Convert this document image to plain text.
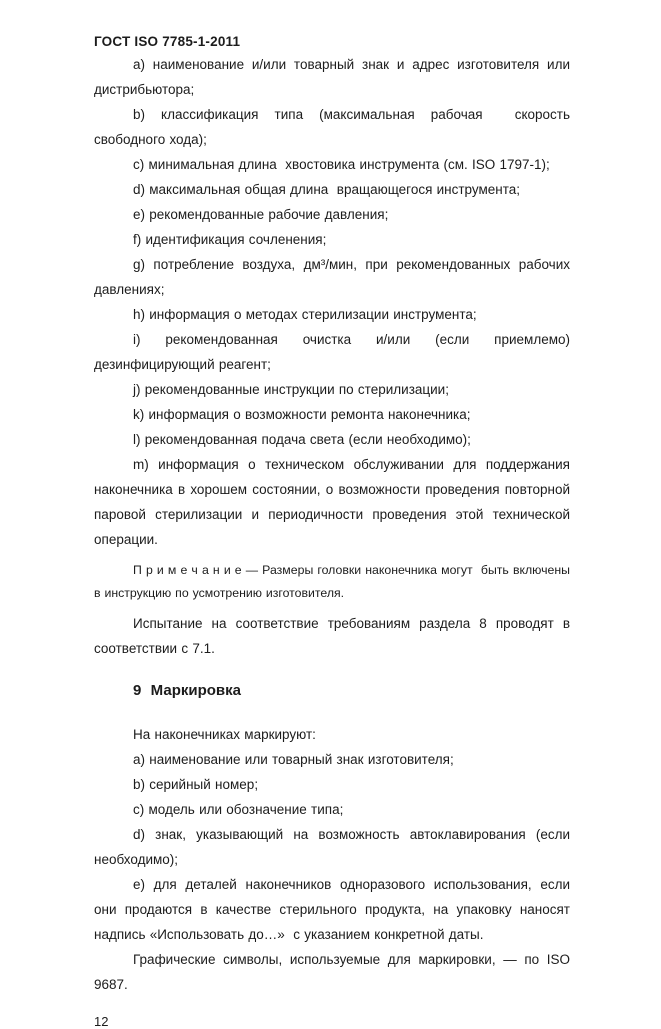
ГОСТ ISO 7785-1-2011

a) наименование и/или товарный знак и адрес изготовителя или дистрибьютора;

b) классификация типа (максимальная рабочая  скорость свободного хода);

c) минимальная длина  хвостовика инструмента (см. ISO 1797-1);

d) максимальная общая длина  вращающегося инструмента;

e) рекомендованные рабочие давления;

f) идентификация сочленения;

g) потребление воздуха, дм³/мин, при рекомендованных рабочих давлениях;

h) информация о методах стерилизации инструмента;

i) рекомендованная очистка и/или (если приемлемо) дезинфицирующий реагент;

j) рекомендованные инструкции по стерилизации;

k) информация о возможности ремонта наконечника;

l) рекомендованная подача света (если необходимо);

m) информация о техническом обслуживании для поддержания наконечника в хорошем состоянии, о возможности проведения повторной паровой стерилизации и периодичности проведения этой технической операции.

П р и м е ч а н и е — Размеры головки наконечника могут  быть включены в инструкцию по усмотрению изготовителя.

Испытание на соответствие требованиям раздела 8 проводят в соответствии с 7.1.

9  Маркировка

На наконечниках маркируют:

a) наименование или товарный знак изготовителя;

b) серийный номер;

c) модель или обозначение типа;

d) знак, указывающий на возможность автоклавирования (если необходимо);

e) для деталей наконечников одноразового использования, если они продаются в качестве стерильного продукта, на упаковку наносят надпись «Использовать до…»  с указанием конкретной даты.

Графические символы, используемые для маркировки, — по ISO 9687.

12
